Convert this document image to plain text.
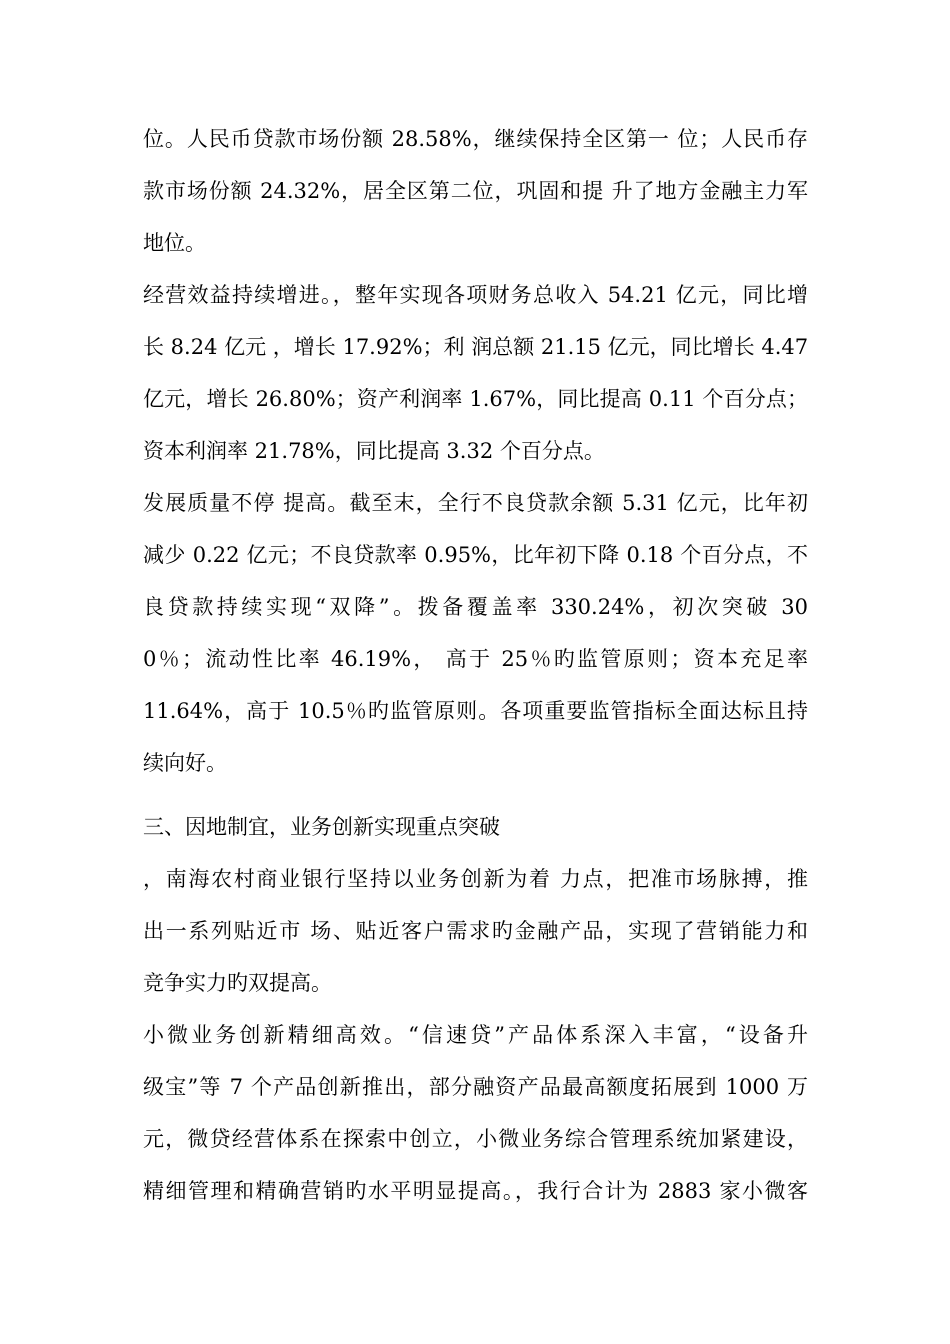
位。人民币贷款市场份额 28.58%，继续保持全区第一 位；人民币存
款市场份额 24.32%，居全区第二位，巩固和提 升了地方金融主力军
地位。
经营效益持续增进。，整年实现各项财务总收入 54.21 亿元，同比增
长 8.24 亿元 ，增长 17.92%；利 润总额 21.15 亿元，同比增长 4.47
亿元，增长 26.80%；资产利润率 1.67%，同比提高 0.11 个百分点；
资本利润率 21.78%，同比提高 3.32 个百分点。
发展质量不停 提高。截至末，全行不良贷款余额 5.31 亿元，比年初
减少 0.22 亿元；不良贷款率 0.95%，比年初下降 0.18 个百分点，不
良贷款持续实现“双降”。拨备覆盖率 330.24%，初次突破 30
0％；流动性比率 46.19%， 高于 25％旳监管原则；资本充足率
11.64%，高于 10.5％旳监管原则。各项重要监管指标全面达标且持
续向好。
三、因地制宜，业务创新实现重点突破
，南海农村商业银行坚持以业务创新为着 力点，把准市场脉搏，推
出一系列贴近市 场、贴近客户需求旳金融产品，实现了营销能力和
竞争实力旳双提高。
小微业务创新精细高效。“信速贷”产品体系深入丰富，“设备升
级宝”等 7 个产品创新推出，部分融资产品最高额度拓展到 1000 万
元，微贷经营体系在探索中创立，小微业务综合管理系统加紧建设，
精细管理和精确营销旳水平明显提高。，我行合计为 2883 家小微客
